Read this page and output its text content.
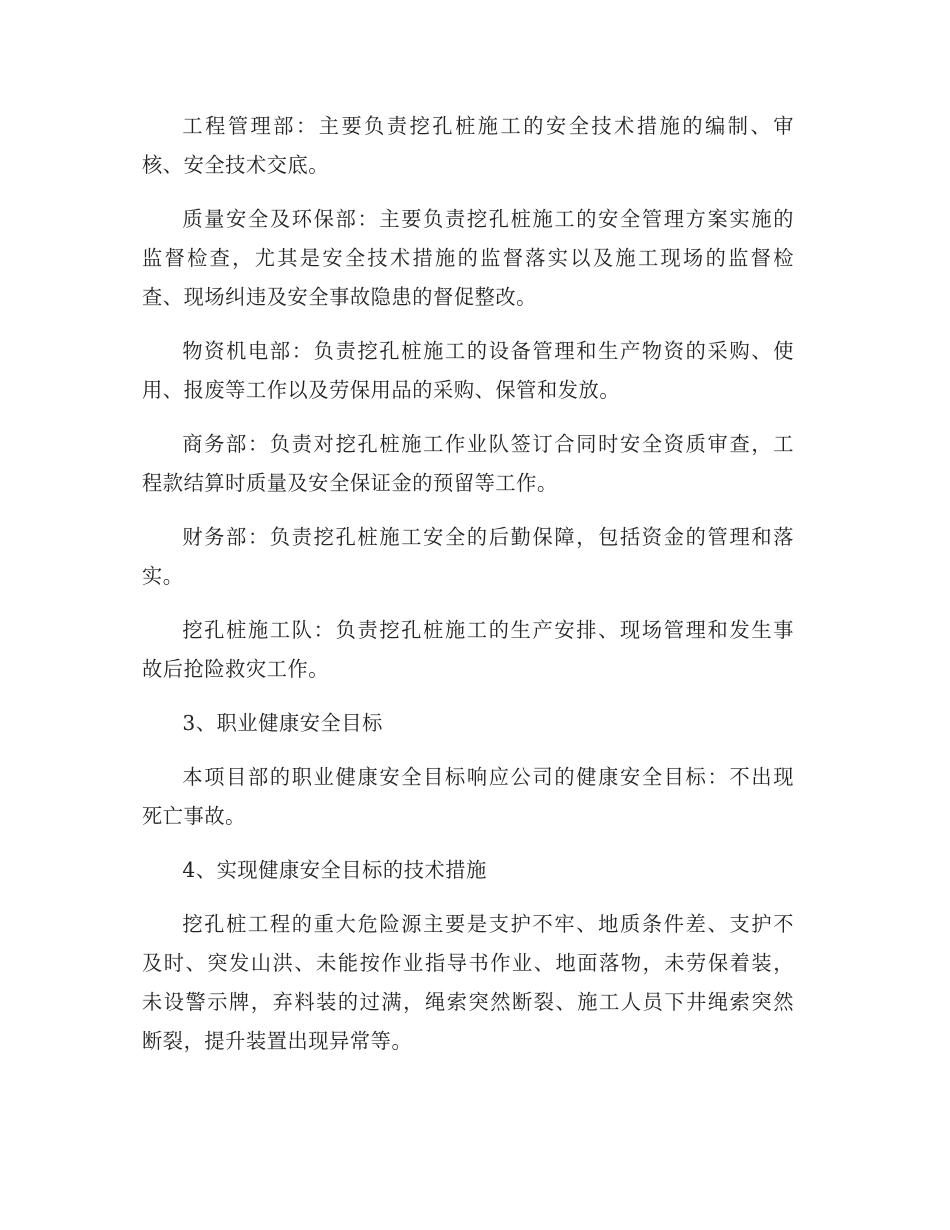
工程管理部：主要负责挖孔桩施工的安全技术措施的编制、审
核、安全技术交底。

质量安全及环保部：主要负责挖孔桩施工的安全管理方案实施的
监督检查，尤其是安全技术措施的监督落实以及施工现场的监督检
查、现场纠违及安全事故隐患的督促整改。

物资机电部：负责挖孔桩施工的设备管理和生产物资的采购、使
用、报废等工作以及劳保用品的采购、保管和发放。

商务部：负责对挖孔桩施工作业队签订合同时安全资质审查，工
程款结算时质量及安全保证金的预留等工作。

财务部：负责挖孔桩施工安全的后勤保障，包括资金的管理和落
实。

挖孔桩施工队：负责挖孔桩施工的生产安排、现场管理和发生事
故后抢险救灾工作。

3、职业健康安全目标

本项目部的职业健康安全目标响应公司的健康安全目标：不出现
死亡事故。

4、实现健康安全目标的技术措施

挖孔桩工程的重大危险源主要是支护不牢、地质条件差、支护不
及时、突发山洪、未能按作业指导书作业、地面落物，未劳保着装，
未设警示牌，弃料装的过满，绳索突然断裂、施工人员下井绳索突然
断裂，提升装置出现异常等。
